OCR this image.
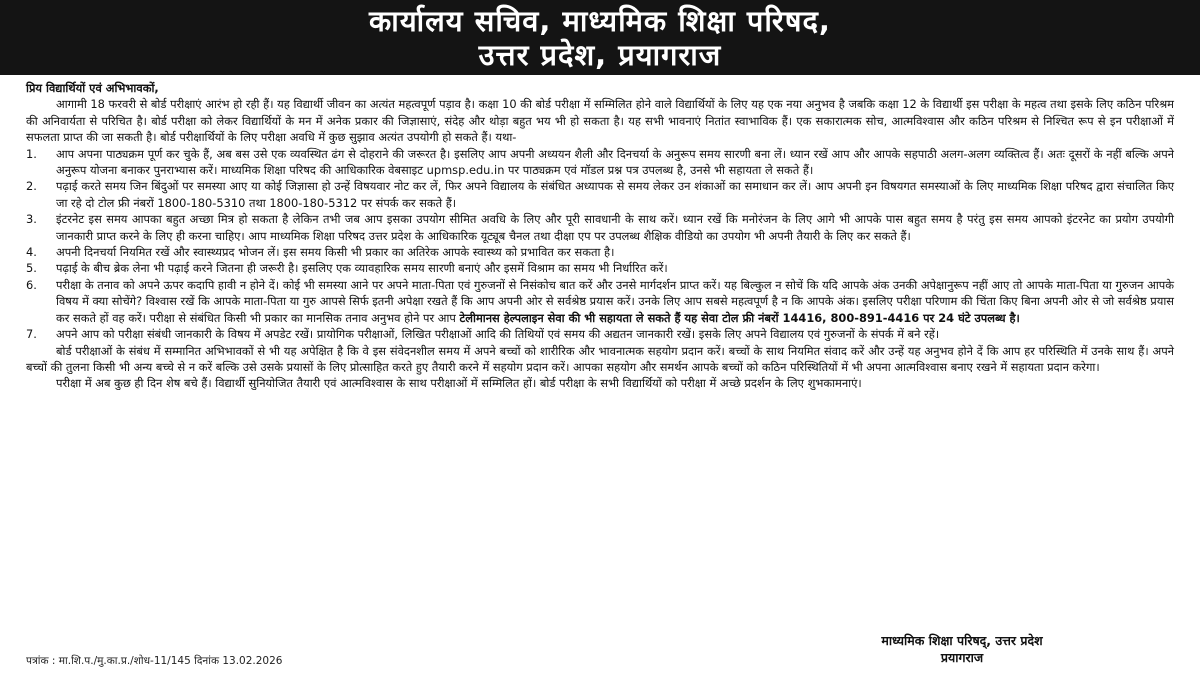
कार्यालय सचिव, माध्यमिक शिक्षा परिषद,
उत्तर प्रदेश, प्रयागराज
प्रिय विद्यार्थियों एवं अभिभावकों,

आगामी 18 फरवरी से बोर्ड परीक्षाएं आरंभ हो रही हैं। यह विद्यार्थी जीवन का अत्यंत महत्वपूर्ण पड़ाव है। कक्षा 10 की बोर्ड परीक्षा में सम्मिलित होने वाले विद्यार्थियों के लिए यह एक नया अनुभव है जबकि कक्षा 12 के विद्यार्थी इस परीक्षा के महत्व तथा इसके लिए कठिन परिश्रम की अनिवार्यता से परिचित है। बोर्ड परीक्षा को लेकर विद्यार्थियों के मन में अनेक प्रकार की जिज्ञासाएं, संदेह और थोड़ा बहुत भय भी हो सकता है। यह सभी भावनाएं नितांत स्वाभाविक हैं। एक सकारात्मक सोच, आत्मविश्वास और कठिन परिश्रम से निश्चित रूप से इन परीक्षाओं में सफलता प्राप्त की जा सकती है। बोर्ड परीक्षार्थियों के लिए परीक्षा अवधि में कुछ सुझाव अत्यंत उपयोगी हो सकते हैं। यथा-

1.	आप अपना पाठ्यक्रम पूर्ण कर चुके हैं, अब बस उसे एक व्यवस्थित ढंग से दोहराने की जरूरत है। इसलिए आप अपनी अध्ययन शैली और दिनचर्या के अनुरूप समय सारणी बना लें। ध्यान रखें आप और आपके सहपाठी अलग-अलग व्यक्तित्व हैं। अतः दूसरों के नहीं बल्कि अपने अनुरूप योजना बनाकर पुनराभ्यास करें। माध्यमिक शिक्षा परिषद की आधिकारिक वेबसाइट upmsp.edu.in पर पाठ्यक्रम एवं मॉडल प्रश्न पत्र उपलब्ध है, उनसे भी सहायता ले सकते हैं।
2.	पढ़ाई करते समय जिन बिंदुओं पर समस्या आए या कोई जिज्ञासा हो उन्हें विषयवार नोट कर लें, फिर अपने विद्यालय के संबंधित अध्यापक से समय लेकर उन शंकाओं का समाधान कर लें। आप अपनी इन विषयगत समस्याओं के लिए माध्यमिक शिक्षा परिषद द्वारा संचालित किए जा रहे दो टोल फ्री नंबरों 1800-180-5310 तथा 1800-180-5312 पर संपर्क कर सकते हैं।
3.	इंटरनेट इस समय आपका बहुत अच्छा मित्र हो सकता है लेकिन तभी जब आप इसका उपयोग सीमित अवधि के लिए और पूरी सावधानी के साथ करें। ध्यान रखें कि मनोरंजन के लिए आगे भी आपके पास बहुत समय है परंतु इस समय आपको इंटरनेट का प्रयोग उपयोगी जानकारी प्राप्त करने के लिए ही करना चाहिए। आप माध्यमिक शिक्षा परिषद उत्तर प्रदेश के आधिकारिक यूट्यूब चैनल तथा दीक्षा एप पर उपलब्ध शैक्षिक वीडियो का उपयोग भी अपनी तैयारी के लिए कर सकते हैं।
4.	अपनी दिनचर्या नियमित रखें और स्वास्थ्यप्रद भोजन लें। इस समय किसी भी प्रकार का अतिरेक आपके स्वास्थ्य को प्रभावित कर सकता है।
5.	पढ़ाई के बीच ब्रेक लेना भी पढ़ाई करने जितना ही जरूरी है। इसलिए एक व्यावहारिक समय सारणी बनाएं और इसमें विश्राम का समय भी निर्धारित करें।
6.	परीक्षा के तनाव को अपने ऊपर कदापि हावी न होने दें। कोई भी समस्या आने पर अपने माता-पिता एवं गुरुजनों से निसंकोच बात करें और उनसे मार्गदर्शन प्राप्त करें। यह बिल्कुल न सोचें कि यदि आपके अंक उनकी अपेक्षानुरूप नहीं आए तो आपके माता-पिता या गुरुजन आपके विषय में क्या सोचेंगे? विश्वास रखें कि आपके माता-पिता या गुरु आपसे सिर्फ इतनी अपेक्षा रखते हैं कि आप अपनी ओर से सर्वश्रेष्ठ प्रयास करें। उनके लिए आप सबसे महत्वपूर्ण है न कि आपके अंक। इसलिए परीक्षा परिणाम की चिंता किए बिना अपनी ओर से जो सर्वश्रेष्ठ प्रयास कर सकते हों वह करें। परीक्षा से संबंधित किसी भी प्रकार का मानसिक तनाव अनुभव होने पर आप टेलीमानस हेल्पलाइन सेवा की भी सहायता ले सकते हैं यह सेवा टोल फ्री नंबरों 14416, 800-891-4416 पर 24 घंटे उपलब्ध है।
7.	अपने आप को परीक्षा संबंधी जानकारी के विषय में अपडेट रखें। प्रायोगिक परीक्षाओं, लिखित परीक्षाओं आदि की तिथियों एवं समय की अद्यतन जानकारी रखें। इसके लिए अपने विद्यालय एवं गुरुजनों के संपर्क में बने रहें।

बोर्ड परीक्षाओं के संबंध में सम्मानित अभिभावकों से भी यह अपेक्षित है कि वे इस संवेदनशील समय में अपने बच्चों को शारीरिक और भावनात्मक सहयोग प्रदान करें। बच्चों के साथ नियमित संवाद करें और उन्हें यह अनुभव होने दें कि आप हर परिस्थिति में उनके साथ हैं। अपने बच्चों की तुलना किसी भी अन्य बच्चे से न करें बल्कि उसे उसके प्रयासों के लिए प्रोत्साहित करते हुए तैयारी करने में सहयोग प्रदान करें। आपका सहयोग और समर्थन आपके बच्चों को कठिन परिस्थितियों में भी अपना आत्मविश्वास बनाए रखने में सहायता प्रदान करेगा।

परीक्षा में अब कुछ ही दिन शेष बचे हैं। विद्यार्थी सुनियोजित तैयारी एवं आत्मविश्वास के साथ परीक्षाओं में सम्मिलित हों। बोर्ड परीक्षा के सभी विद्यार्थियों को परीक्षा में अच्छे प्रदर्शन के लिए शुभकामनाएं।

माध्यमिक शिक्षा परिषद्, उत्तर प्रदेश
प्रयागराज
पत्रांक : मा.शि.प./मु.का.प्र./शोध-11/145 दिनांक 13.02.2026
